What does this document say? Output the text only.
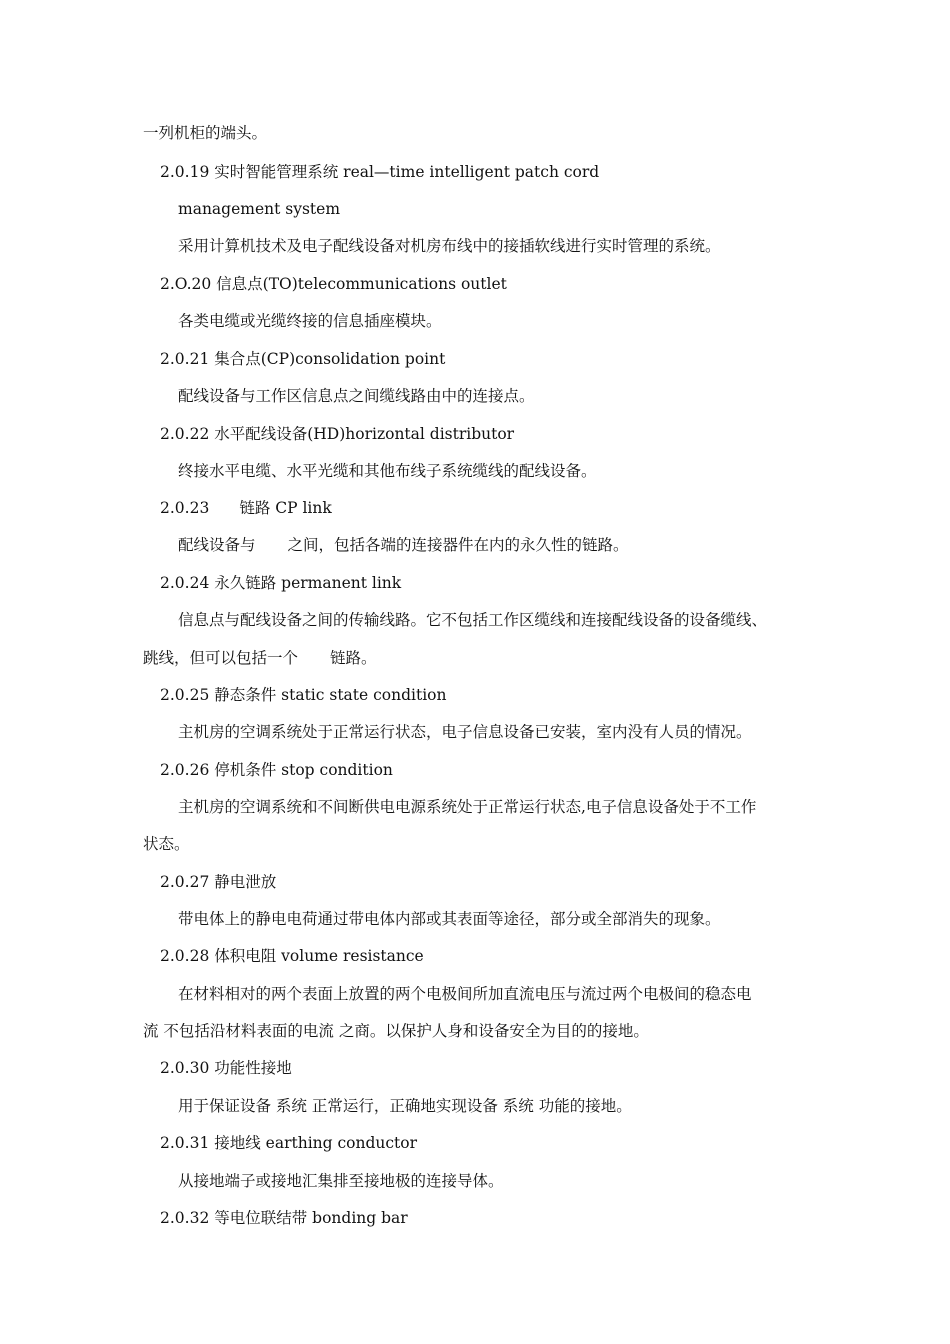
一列机柜的端头。
2.0.19 实时智能管理系统 real—time intelligent patch cord
management system
采用计算机技术及电子配线设备对机房布线中的接插软线进行实时管理的系统。
2.O.20 信息点(TO)telecommunications outlet
各类电缆或光缆终接的信息插座模块。
2.0.21 集合点(CP)consolidation point
配线设备与工作区信息点之间缆线路由中的连接点。
2.0.22 水平配线设备(HD)horizontal distributor
终接水平电缆、水平光缆和其他布线子系统缆线的配线设备。
2.0.23 链路 CP link
配线设备与 之间，包括各端的连接器件在内的永久性的链路。
2.0.24 永久链路 permanent link
信息点与配线设备之间的传输线路。它不包括工作区缆线和连接配线设备的设备缆线、
跳线，但可以包括一个 链路。
2.0.25 静态条件 static state condition
主机房的空调系统处于正常运行状态，电子信息设备已安装，室内没有人员的情况。
2.0.26 停机条件 stop condition
主机房的空调系统和不间断供电电源系统处于正常运行状态,电子信息设备处于不工作
状态。
2.0.27 静电泄放
带电体上的静电电荷通过带电体内部或其表面等途径，部分或全部消失的现象。
2.0.28 体积电阻 volume resistance
在材料相对的两个表面上放置的两个电极间所加直流电压与流过两个电极间的稳态电
流 不包括沿材料表面的电流 之商。以保护人身和设备安全为目的的接地。
2.0.30 功能性接地
用于保证设备 系统 正常运行，正确地实现设备 系统 功能的接地。
2.0.31 接地线 earthing conductor
从接地端子或接地汇集排至接地极的连接导体。
2.0.32 等电位联结带 bonding bar
